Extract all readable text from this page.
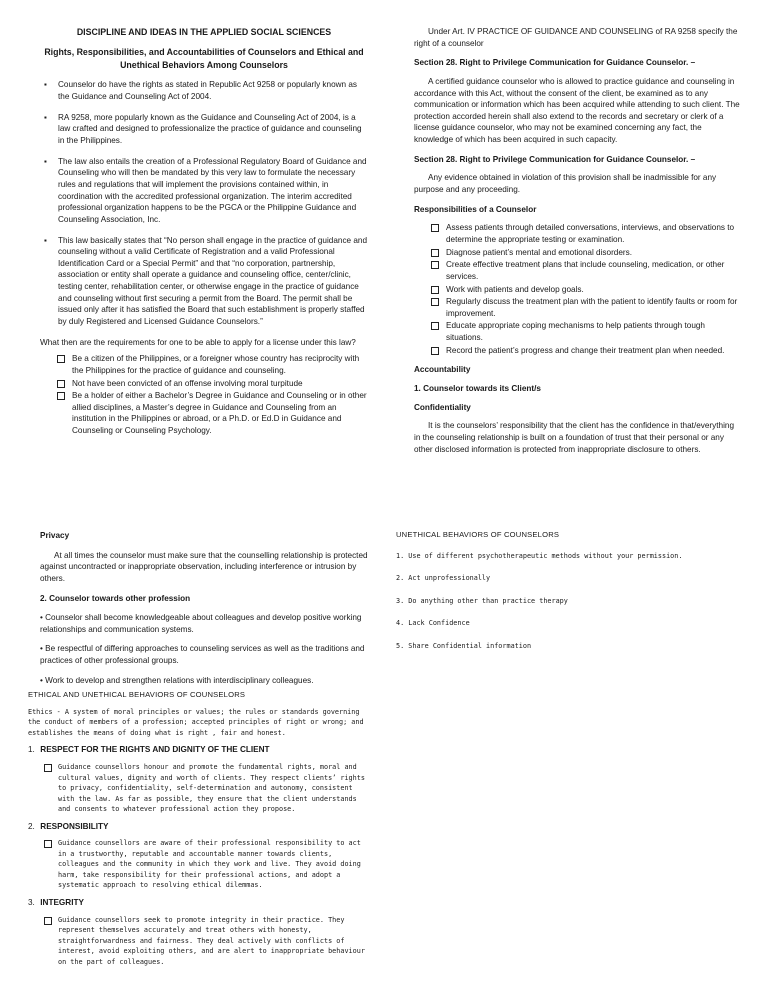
DISCIPLINE AND IDEAS IN THE APPLIED SOCIAL SCIENCES
Rights, Responsibilities, and Accountabilities of Counselors and Ethical and Unethical Behaviors Among Counselors
▪ Counselor do have the rights as stated in Republic Act 9258 or popularly known as the Guidance and Counseling Act of 2004.
▪ RA 9258, more popularly known as the Guidance and Counseling Act of 2004, is a law crafted and designed to professionalize the practice of guidance and counseling in the Philippines.
▪ The law also entails the creation of a Professional Regulatory Board of Guidance and Counseling who will then be mandated by this very law to formulate the necessary rules and regulations that will implement the provisions contained within, in coordination with the accredited professional organization. The interim accredited professional organization happens to be the PGCA or the Philippine Guidance and Counseling Association, Inc.
▪ This law basically states that “No person shall engage in the practice of guidance and counseling without a valid Certificate of Registration and a valid Professional Identification Card or a Special Permit” and that “no corporation, partnership, association or entity shall operate a guidance and counseling office, center/clinic, testing center, rehabilitation center, or otherwise engage in the practice of guidance and counseling without first securing a permit from the Board. The permit shall be issued only after it has satisfied the Board that such establishment is properly staffed by duly Registered and Licensed Guidance Counselors.”

What then are the requirements for one to be able to apply for a license under this law?

Be a citizen of the Philippines, or a foreigner whose country has reciprocity with the Philippines for the practice of guidance and counseling.
Not have been convicted of an offense involving moral turpitude
Be a holder of either a Bachelor’s Degree in Guidance and Counseling or in other allied disciplines, a Master’s degree in Guidance and Counseling from an institution in the Philippines or abroad, or a Ph.D. or Ed.D in Guidance and Counseling or Counseling Psychology.

Under Art. IV PRACTICE OF GUIDANCE AND COUNSELING of RA 9258 specify the right of a counselor

Section 28. Right to Privilege Communication for Guidance Counselor. –

A certified guidance counselor who is allowed to practice guidance and counseling in accordance with this Act, without the consent of the client, be examined as to any communication or information which has been acquired while attending to such client. The protection accorded herein shall also extend to the records and secretary or clerk of a license guidance counselor, who may not be examined concerning any fact, the knowledge of which has been acquired in such capacity.

Section 28. Right to Privilege Communication for Guidance Counselor. –

Any evidence obtained in violation of this provision shall be inadmissible for any purpose and any proceeding.

Responsibilities of a Counselor

Assess patients through detailed conversations, interviews, and observations to determine the appropriate testing or examination.
Diagnose patient’s mental and emotional disorders.
Create effective treatment plans that include counseling, medication, or other services.
Work with patients and develop goals.
Regularly discuss the treatment plan with the patient to identify faults or room for improvement.
Educate appropriate coping mechanisms to help patients through tough situations.
Record the patient’s progress and change their treatment plan when needed.

Accountability

1. Counselor towards its Client/s

Confidentiality

It is the counselors’ responsibility that the client has the confidence in that/everything in the counseling relationship is built on a foundation of trust that their personal or any other disclosed information is protected from inappropriate disclosure to others.

Privacy

At all times the counselor must make sure that the counselling relationship is protected against uncontracted or inappropriate observation, including interference or intrusion by others.

2. Counselor towards other profession

• Counselor shall become knowledgeable about colleagues and develop positive working relationships and communication systems.

• Be respectful of differing approaches to counseling services as well as the traditions and practices of other professional groups.

• Work to develop and strengthen relations with interdisciplinary colleagues.

UNETHICAL BEHAVIORS OF COUNSELORS
1. Use of different psychotherapeutic methods without your permission.
2. Act unprofessionally
3. Do anything other than practice therapy
4. Lack Confidence
5. Share Confidential information
ETHICAL AND UNETHICAL BEHAVIORS OF COUNSELORS
Ethics - A system of moral principles or values; the rules or standards governing the conduct of members of a profession; accepted principles of right or wrong; and establishes the means of doing what is right , fair and honest.
1. RESPECT FOR THE RIGHTS AND DIGNITY OF THE CLIENT
Guidance counsellors honour and promote the fundamental rights, moral and cultural values, dignity and worth of clients. They respect clients’ rights to privacy, confidentiality, self-determination and autonomy, consistent with the law. As far as possible, they ensure that the client understands and consents to whatever professional action they propose.
2. RESPONSIBILITY
Guidance counsellors are aware of their professional responsibility to act in a trustworthy, reputable and accountable manner towards clients, colleagues and the community in which they work and live. They avoid doing harm, take responsibility for their professional actions, and adopt a systematic approach to resolving ethical dilemmas.
3. INTEGRITY
Guidance counsellors seek to promote integrity in their practice. They represent themselves accurately and treat others with honesty, straightforwardness and fairness. They deal actively with conflicts of interest, avoid exploiting others, and are alert to inappropriate behaviour on the part of colleagues.
